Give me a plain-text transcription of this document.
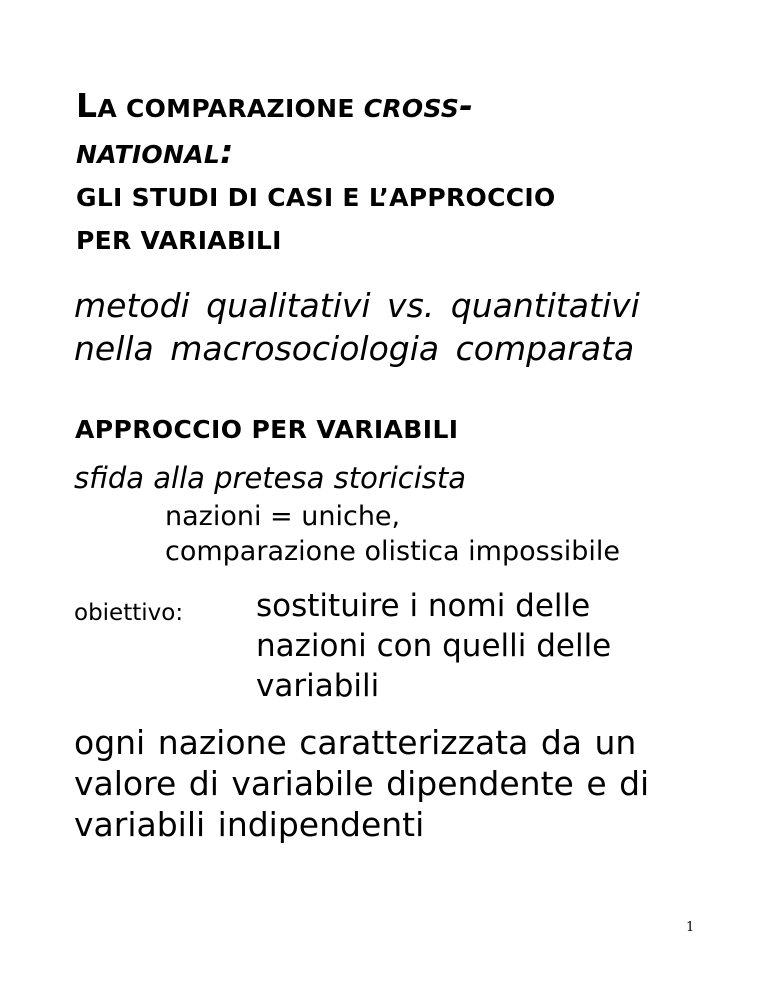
LA COMPARAZIONE CROSS-
NATIONAL:
GLI STUDI DI CASI E L’APPROCCIO
PER VARIABILI

metodi qualitativi vs. quantitativi
nella macrosociologia comparata

APPROCCIO PER VARIABILI

sfida alla pretesa storicista

nazioni = uniche,

comparazione olistica impossibile

obiettivo: sostituire i nomi delle
nazioni con quelli delle
variabili

ogni nazione caratterizzata da un
valore di variabile dipendente e di
variabili indipendenti

1
